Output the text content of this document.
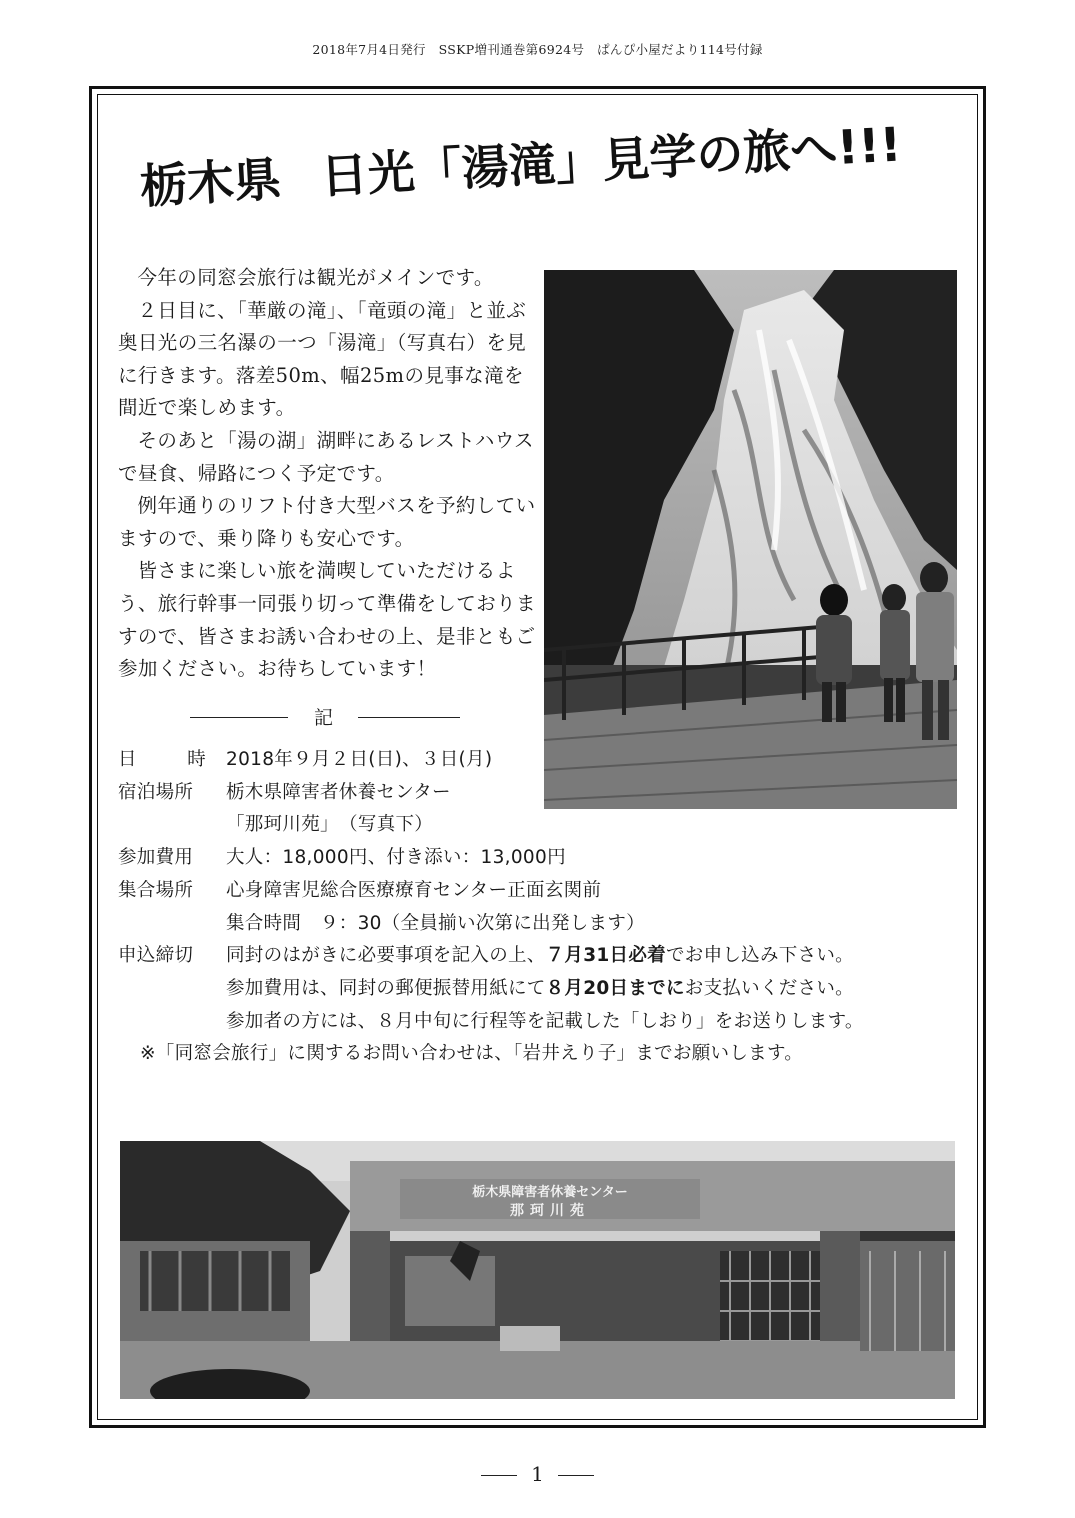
2018年7月4日発行　SSKP増刊通巻第6924号　ぱんぴ小屋だより114号付録
栃木県 日光「湯滝」見学の旅へ!!!

今年の同窓会旅行は観光がメインです。

２日目に、「華厳の滝」、「竜頭の滝」と並ぶ奥日光の三名瀑の一つ「湯滝」（写真右）を見に行きます。落差50m、幅25mの見事な滝を間近で楽しめます。

そのあと「湯の湖」湖畔にあるレストハウスで昼食、帰路につく予定です。

例年通りのリフト付き大型バスを予約していますので、乗り降りも安心です。

皆さまに楽しい旅を満喫していただけるよう、旅行幹事一同張り切って準備をしておりますので、皆さまお誘い合わせの上、是非ともご参加ください。お待ちしています！

記
日	時 2018年９月２日(日)、３日(月)
宿泊場所	栃木県障害者休養センター
「那珂川苑」　（写真下）
参加費用	大人：18,000円、付き添い：13,000円
集合場所	心身障害児総合医療療育センター正面玄関前
集合時間　９：30（全員揃い次第に出発します）
申込締切	同封のはがきに必要事項を記入の上、７月31日必着でお申し込み下さい。
参加費用は、同封の郵便振替用紙にて８月20日までにお支払いください。
参加者の方には、８月中旬に行程等を記載した「しおり」をお送りします。
※「同窓会旅行」に関するお問い合わせは、「岩井えり子」までお願いします。
栃木県障害者休養センター
那珂川苑
1
